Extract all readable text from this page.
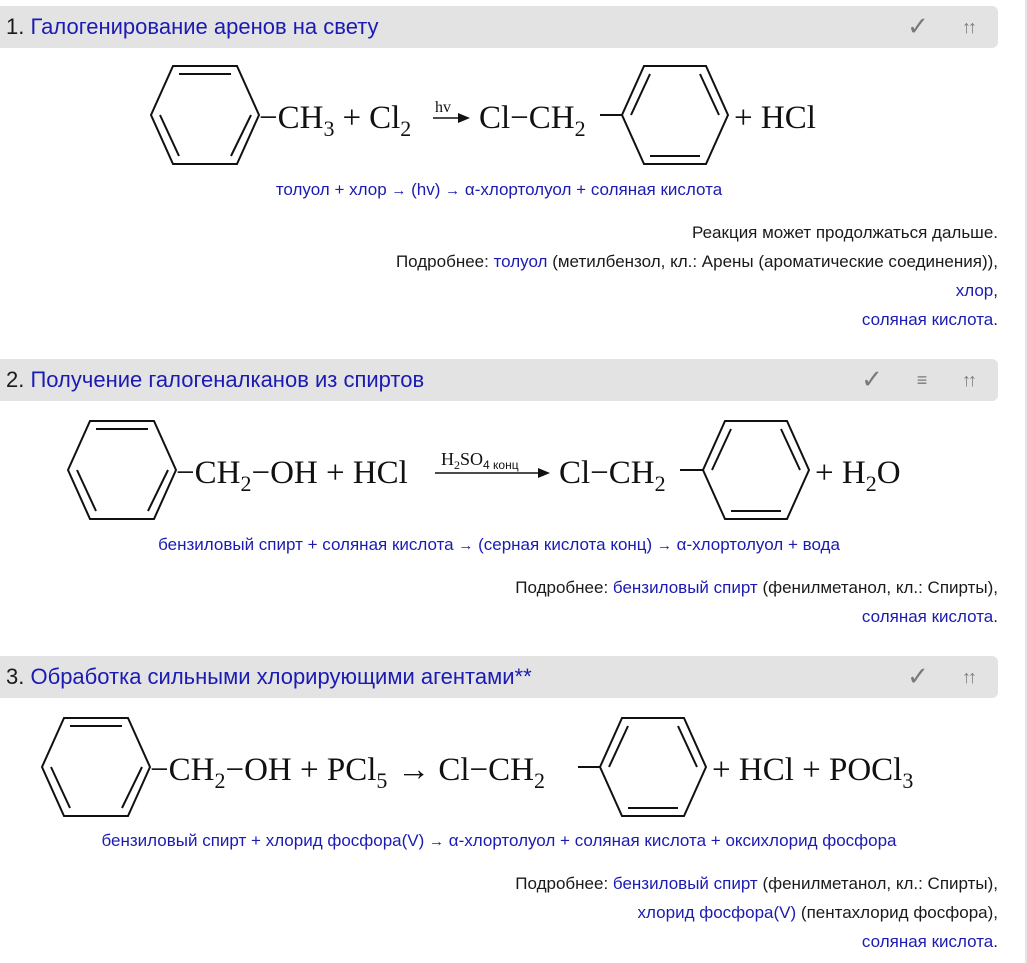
1. Галогенирование аренов на свету	✓	↑↑
$-CH_3 + Cl_2$
hv $Cl-CH_2$	+ HCl
толуол + хлор → (hv) → α-хлортолуол + соляная кислота
Реакция может продолжаться дальше.
Подробнее: толуол (метилбензол, кл.: Арены (ароматические соединения)),
хлор,
соляная кислота.
2. Получение галогеналканов из спиртов	✓	≡	↑↑
$-CH_2-OH$ + HCl $H_2SO_{4 конц}$ $Cl-CH_2$	+ $H_2O$
бензиловый спирт + соляная кислота → (серная кислота конц) → α-хлортолуол + вода
Подробнее: бензиловый спирт (фенилметанол, кл.: Спирты),
соляная кислота.
3. Обработка сильными хлорирующими агентами**	✓	↑↑
$-CH_2-OH + PCl_5 \to Cl-CH_2$	+ HCl + POCl$_3$
бензиловый спирт + хлорид фосфора(V) → α-хлортолуол + соляная кислота + оксихлорид фосфора
Подробнее: бензиловый спирт (фенилметанол, кл.: Спирты),
хлорид фосфора(V) (пентахлорид фосфора),
соляная кислота.
